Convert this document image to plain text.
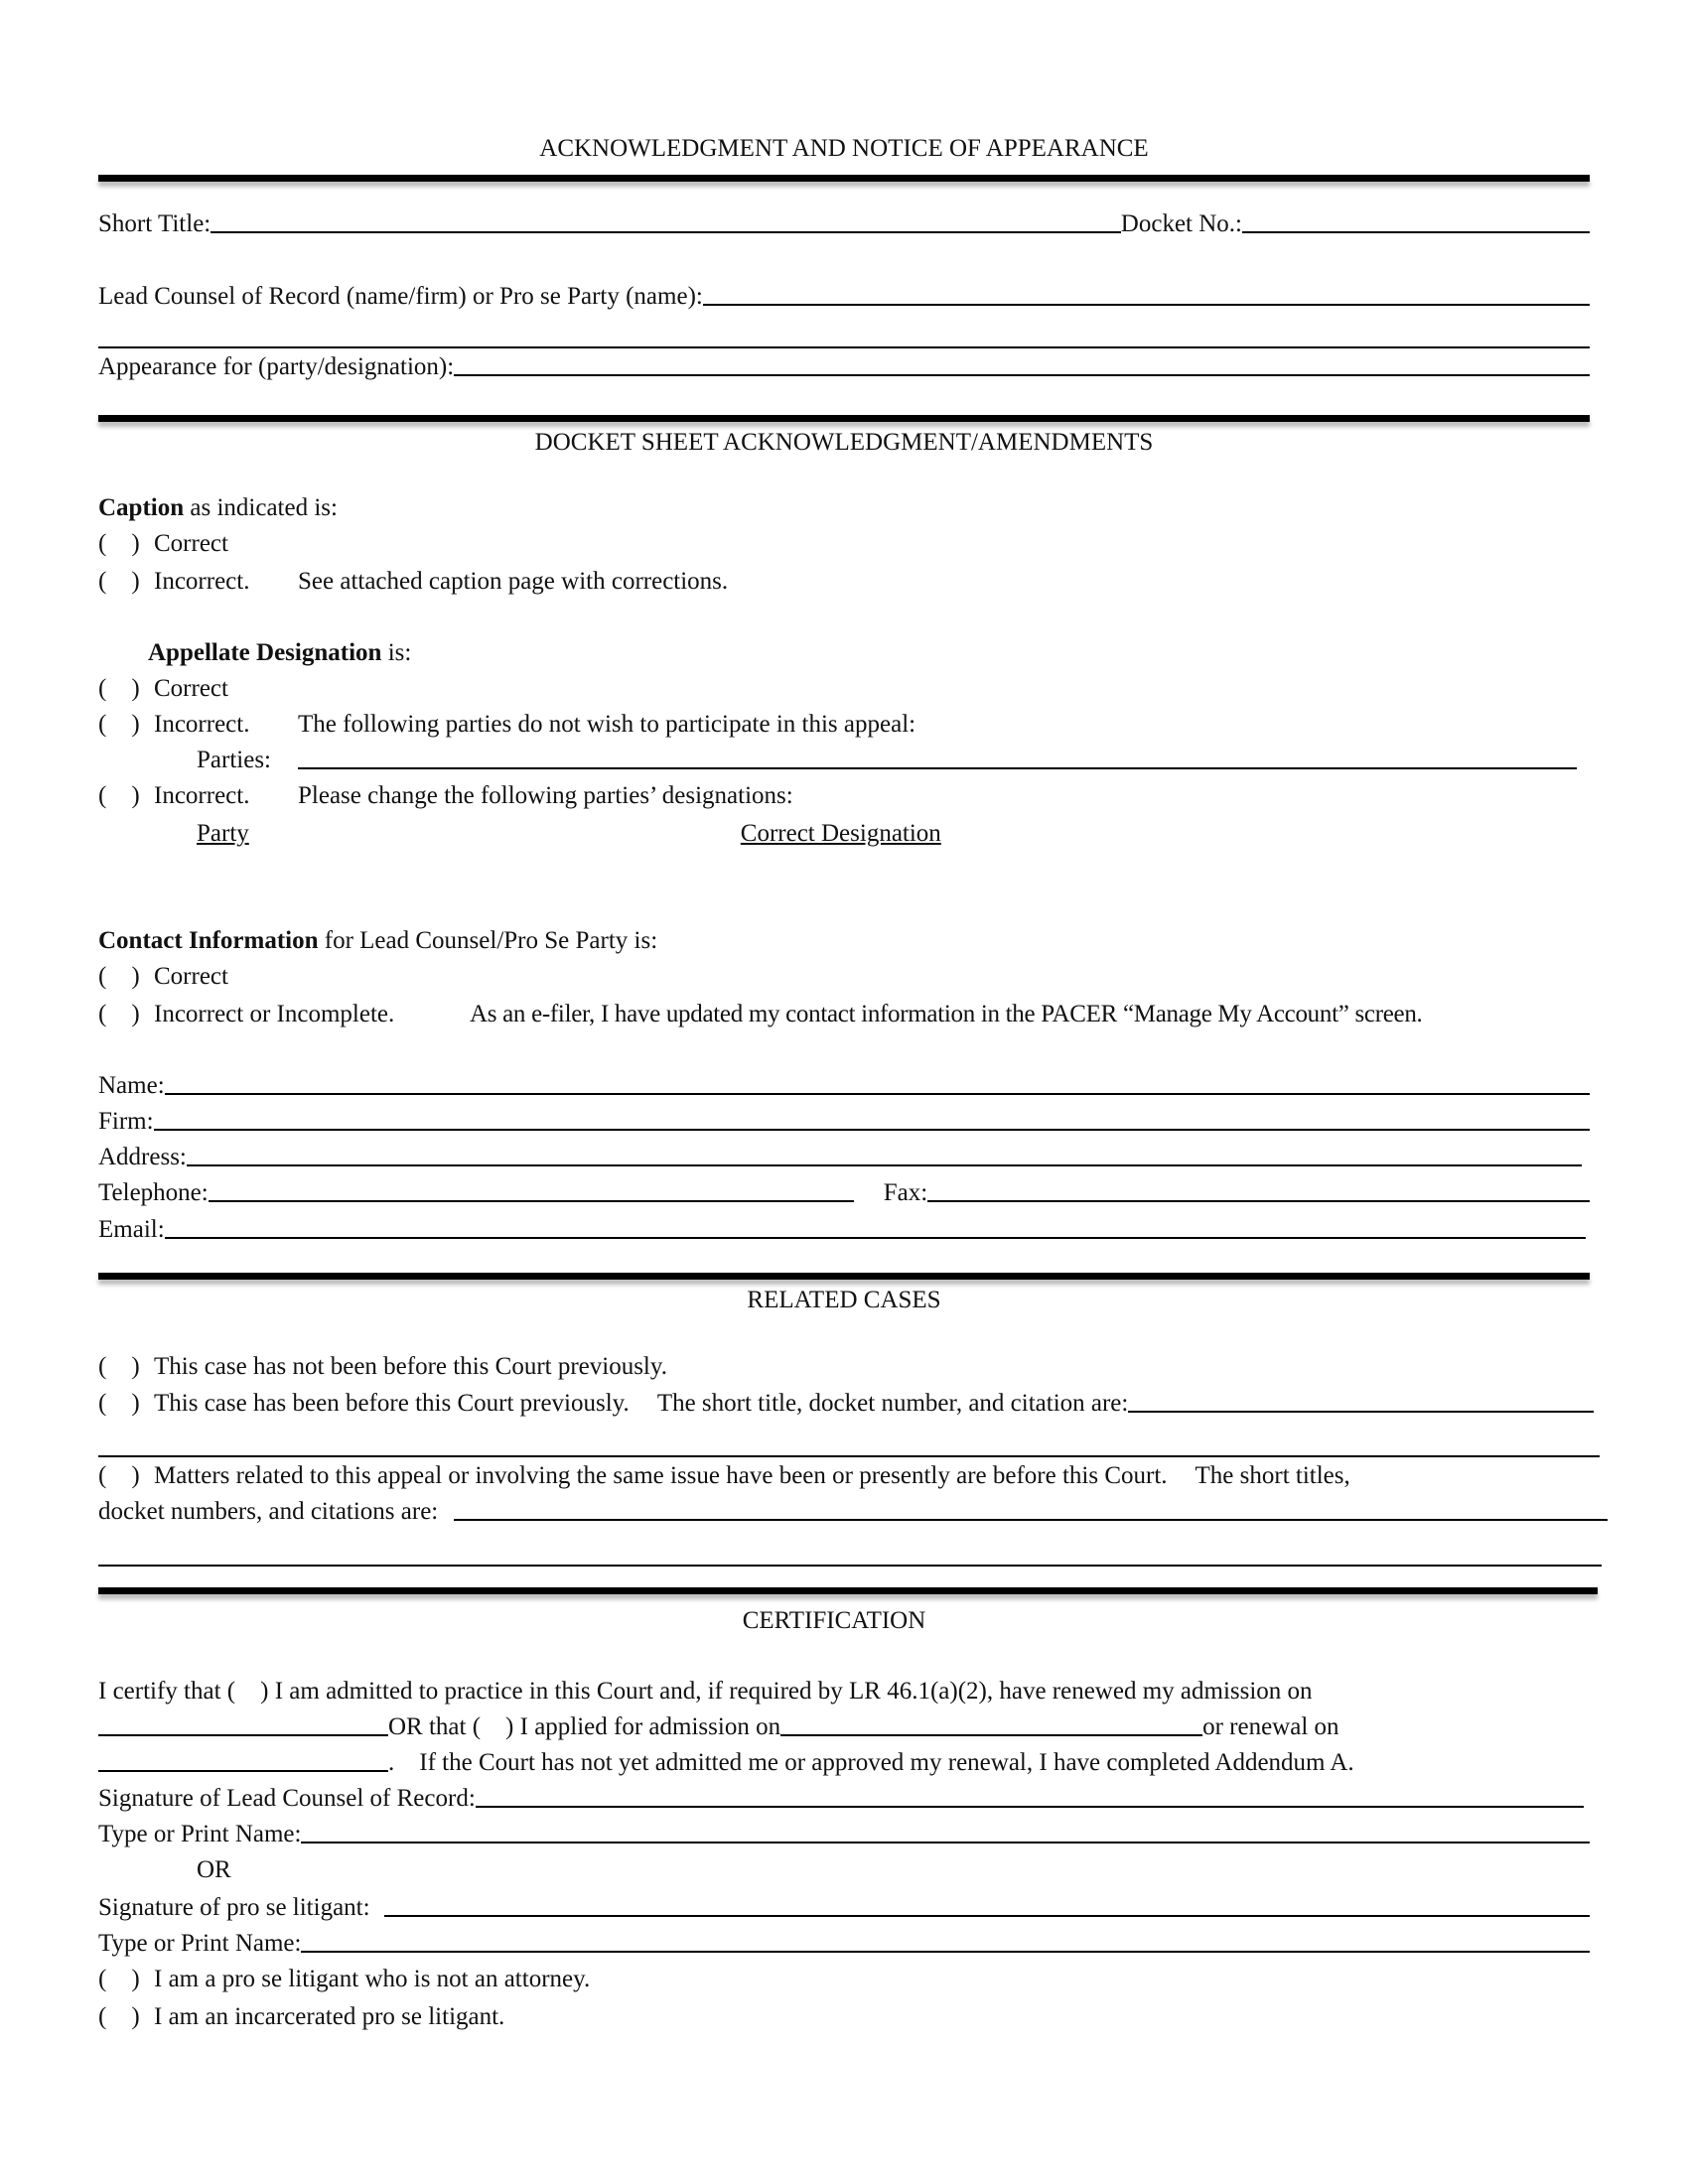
ACKNOWLEDGMENT AND NOTICE OF APPEARANCE
Short Title:	Docket No.:
Lead Counsel of Record (name/firm) or Pro se Party (name):
Appearance for (party/designation):
DOCKET SHEET ACKNOWLEDGMENT/AMENDMENTS
Caption as indicated is:
(    ) Correct
(    ) Incorrect.	See attached caption page with corrections.
Appellate Designation is:
(    ) Correct
(    ) Incorrect.	The following parties do not wish to participate in this appeal:
Parties:
(    ) Incorrect.	Please change the following parties’ designations:
Party	Correct Designation
Contact Information for Lead Counsel/Pro Se Party is:
(    ) Correct
(    ) Incorrect or Incomplete.	As an e-filer, I have updated my contact information in the PACER “Manage My Account” screen.
Name:
Firm:
Address:
Telephone:	Fax:
Email:
RELATED CASES
(    ) This case has not been before this Court previously.
(    ) This case has been before this Court previously. The short title, docket number, and citation are:
(    ) Matters related to this appeal or involving the same issue have been or presently are before this Court. The short titles,
docket numbers, and citations are:
CERTIFICATION
I certify that (    ) I am admitted to practice in this Court and, if required by LR 46.1(a)(2), have renewed my admission on
OR that (    ) I applied for admission on	or renewal on
.    If the Court has not yet admitted me or approved my renewal, I have completed Addendum A.
Signature of Lead Counsel of Record:
Type or Print Name:
OR
Signature of pro se litigant:
Type or Print Name:
(    ) I am a pro se litigant who is not an attorney.
(    ) I am an incarcerated pro se litigant.
